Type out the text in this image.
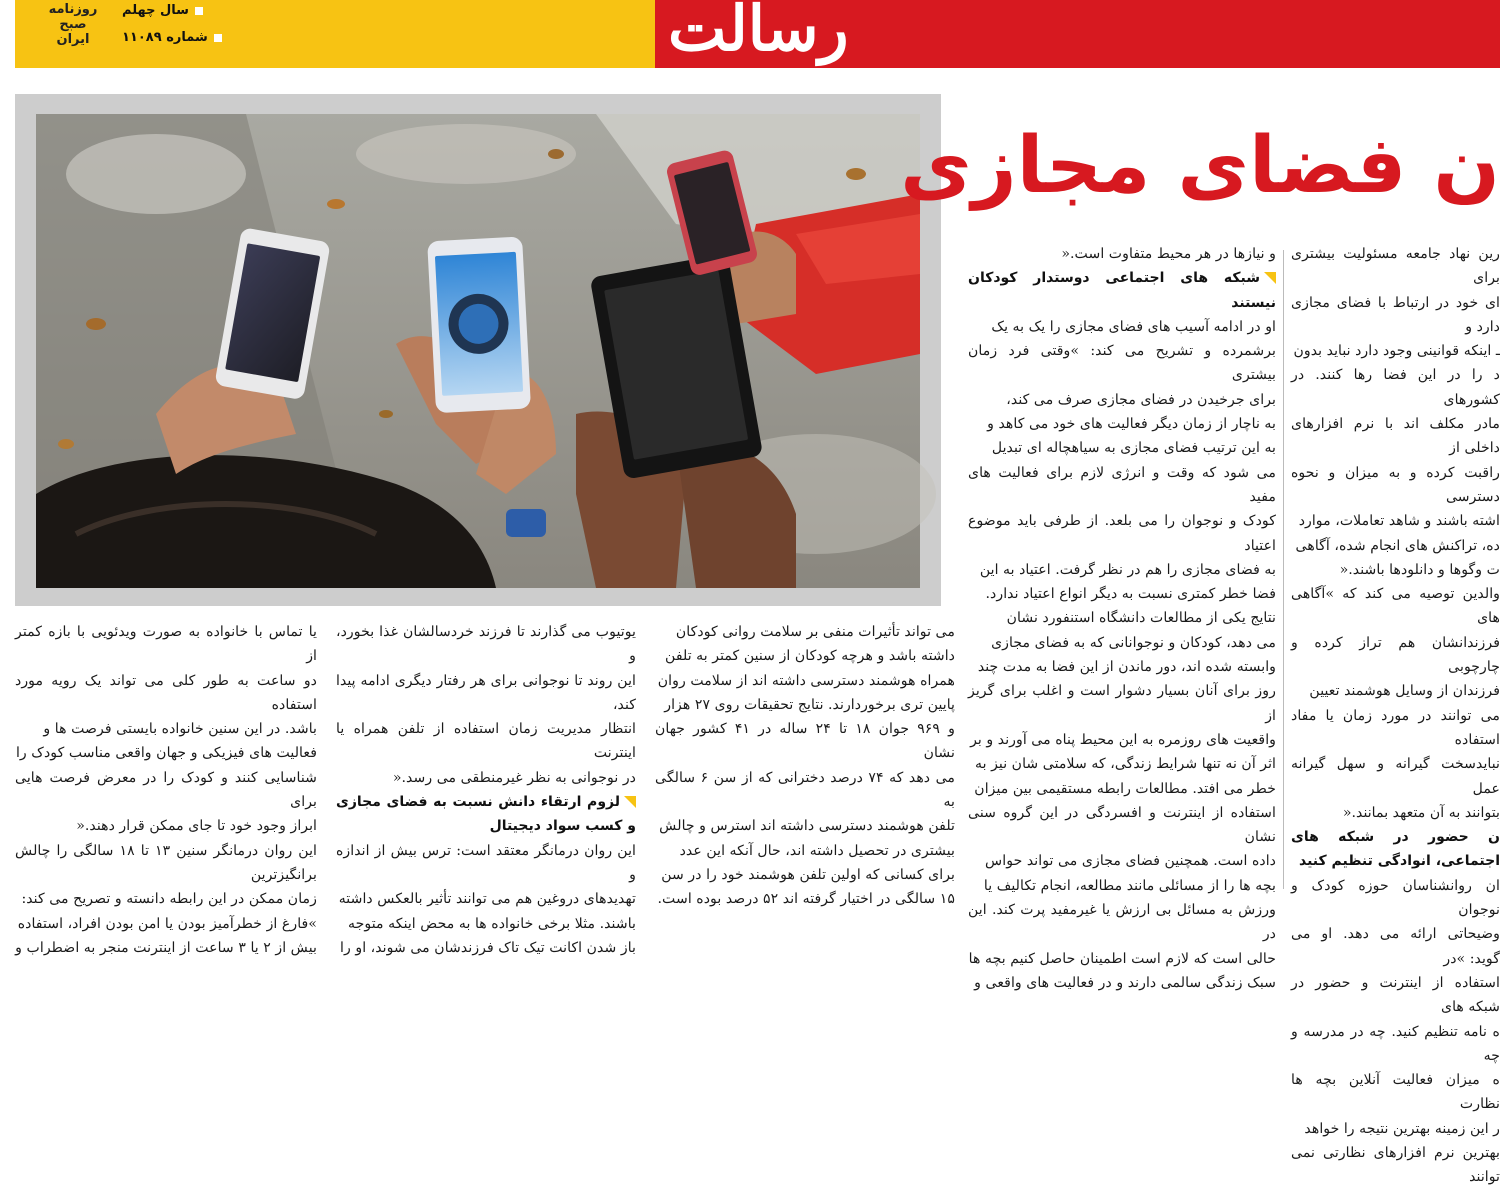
رسالت
روزنامه
صبح
ایران
سال چهلم
شماره ۱۱۰۸۹
ن فضای مجازی

رین نهاد جامعه مسئولیت بیشتری برای

ای خود در ارتباط با فضای مجازی دارد و

ـ اینکه قوانینی وجود دارد نباید بدون

د را در این فضا رها کنند. در کشورهای

مادر مکلف اند با نرم افزارهای داخلی از

راقبت کرده و به میزان و نحوه دسترسی

اشته باشند و شاهد تعاملات، موارد

ده، تراکنش های انجام شده، آگاهی

ت وگوها و دانلودها باشند.«

والدین توصیه می کند که »آگاهی های

فرزندانشان هم تراز کرده و چارچوبی

فرزندان از وسایل هوشمند تعیین

می توانند در مورد زمان یا مفاد استفاده

نبایدسخت گیرانه و سهل گیرانه عمل

بتوانند به آن متعهد بمانند.«

ن حضور در شبکه های اجتماعی، انوادگی تنظیم کنید

ان روانشناسان حوزه کودک و نوجوان

وضیحاتی ارائه می دهد. او می گوید: »در

استفاده از اینترنت و حضور در شبکه های

ه نامه تنظیم کنید. چه در مدرسه و چه

ه میزان فعالیت آنلاین بچه ها نظارت

ر این زمینه بهترین نتیجه را خواهد

بهترین نرم افزارهای نظارتی نمی توانند

و نیازها در هر محیط متفاوت است.«

شبکه های اجتماعی دوستدار کودکان نیستند

او در ادامه آسیب های فضای مجازی را یک به یک

برشمرده و تشریح می کند: »وقتی فرد زمان بیشتری

برای جرخیدن در فضای مجازی صرف می کند،

به ناچار از زمان دیگر فعالیت های خود می کاهد و

به این ترتیب فضای مجازی به سیاهچاله ای تبدیل

می شود که وقت و انرژی لازم برای فعالیت های مفید

کودک و نوجوان را می بلعد. از طرفی باید موضوع اعتیاد

به فضای مجازی را هم در نظر گرفت. اعتیاد به این

فضا خطر کمتری نسبت به دیگر انواع اعتیاد ندارد.

نتایج یکی از مطالعات دانشگاه استنفورد نشان

می دهد، کودکان و نوجوانانی که به فضای مجازی

وابسته شده اند، دور ماندن از این فضا به مدت چند

روز برای آنان بسیار دشوار است و اغلب برای گریز از

واقعیت های روزمره به این محیط پناه می آورند و بر

اثر آن نه تنها شرایط زندگی، که سلامتی شان نیز به

خطر می افتد. مطالعات رابطه مستقیمی بین میزان

استفاده از اینترنت و افسردگی در این گروه سنی نشان

داده است. همچنین فضای مجازی می تواند حواس

بچه ها را از مسائلی مانند مطالعه، انجام تکالیف یا

ورزش به مسائل بی ارزش یا غیرمفید پرت کند. این در

حالی است که لازم است اطمینان حاصل کنیم بچه ها

سبک زندگی سالمی دارند و در فعالیت های واقعی و

می تواند تأثیرات منفی بر سلامت روانی کودکان

داشته باشد و هرچه کودکان از سنین کمتر به تلفن

همراه هوشمند دسترسی داشته اند از سلامت روان

پایین تری برخوردارند. نتایج تحقیقات روی ۲۷ هزار

و ۹۶۹ جوان ۱۸ تا ۲۴ ساله در ۴۱ کشور جهان نشان

می دهد که ۷۴ درصد دخترانی که از سن ۶ سالگی به

تلفن هوشمند دسترسی داشته اند استرس و چالش

بیشتری در تحصیل داشته اند، حال آنکه این عدد

برای کسانی که اولین تلفن هوشمند خود را در سن

۱۵ سالگی در اختیار گرفته اند ۵۲ درصد بوده است.

یوتیوب می گذارند تا فرزند خردسالشان غذا بخورد، و

این روند تا نوجوانی برای هر رفتار دیگری ادامه پیدا کند،

انتظار مدیریت زمان استفاده از تلفن همراه یا اینترنت

در نوجوانی به نظر غیرمنطقی می رسد.«

لزوم ارتقاء دانش نسبت به فضای مجازی و کسب سواد دیجیتال

این روان درمانگر معتقد است: ترس بیش از اندازه و

تهدیدهای دروغین هم می توانند تأثیر بالعکس داشته

باشند. مثلا برخی خانواده ها به محض اینکه متوجه

باز شدن اکانت تیک تاک فرزندشان می شوند، او را

یا تماس با خانواده به صورت ویدئویی با بازه کمتر از

دو ساعت به طور کلی می تواند یک رویه مورد استفاده

باشد. در این سنین خانواده بایستی فرصت ها و

فعالیت های فیزیکی و جهان واقعی مناسب کودک را

شناسایی کنند و کودک را در معرض فرصت هایی برای

ابراز وجود خود تا جای ممکن قرار دهند.«

این روان درمانگر سنین ۱۳ تا ۱۸ سالگی را چالش برانگیزترین

زمان ممکن در این رابطه دانسته و تصریح می کند:

»فارغ از خطرآمیز بودن یا امن بودن افراد، استفاده

بیش از ۲ یا ۳ ساعت از اینترنت منجر به اضطراب و
